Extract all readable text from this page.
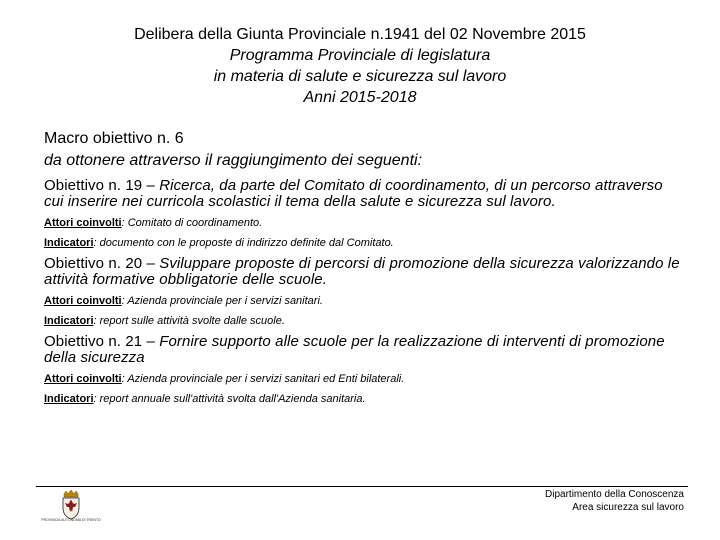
Delibera della Giunta Provinciale n.1941 del 02 Novembre 2015
Programma Provinciale di legislatura
in materia di salute e sicurezza sul lavoro
Anni 2015-2018
Macro obiettivo n. 6
da ottonere attraverso il raggiungimento dei seguenti:
Obiettivo n. 19 – Ricerca, da parte del Comitato di coordinamento, di un percorso attraverso cui inserire nei curricola scolastici il tema della salute e sicurezza sul lavoro.
Attori coinvolti: Comitato di coordinamento.
Indicatori: documento con le proposte di indirizzo definite dal Comitato.
Obiettivo n. 20 – Sviluppare proposte di percorsi di promozione della sicurezza valorizzando le attività formative obbligatorie delle scuole.
Attori coinvolti: Azienda provinciale per i servizi sanitari.
Indicatori: report sulle attività svolte dalle scuole.
Obiettivo n. 21 – Fornire supporto alle scuole per la realizzazione di interventi di promozione della sicurezza
Attori coinvolti: Azienda provinciale per i servizi sanitari ed Enti bilaterali.
Indicatori: report annuale sull'attività svolta dall'Azienda sanitaria.
PROVINCIA AUTONOMA DI TRENTO
Dipartimento della Conoscenza
Area sicurezza sul lavoro
